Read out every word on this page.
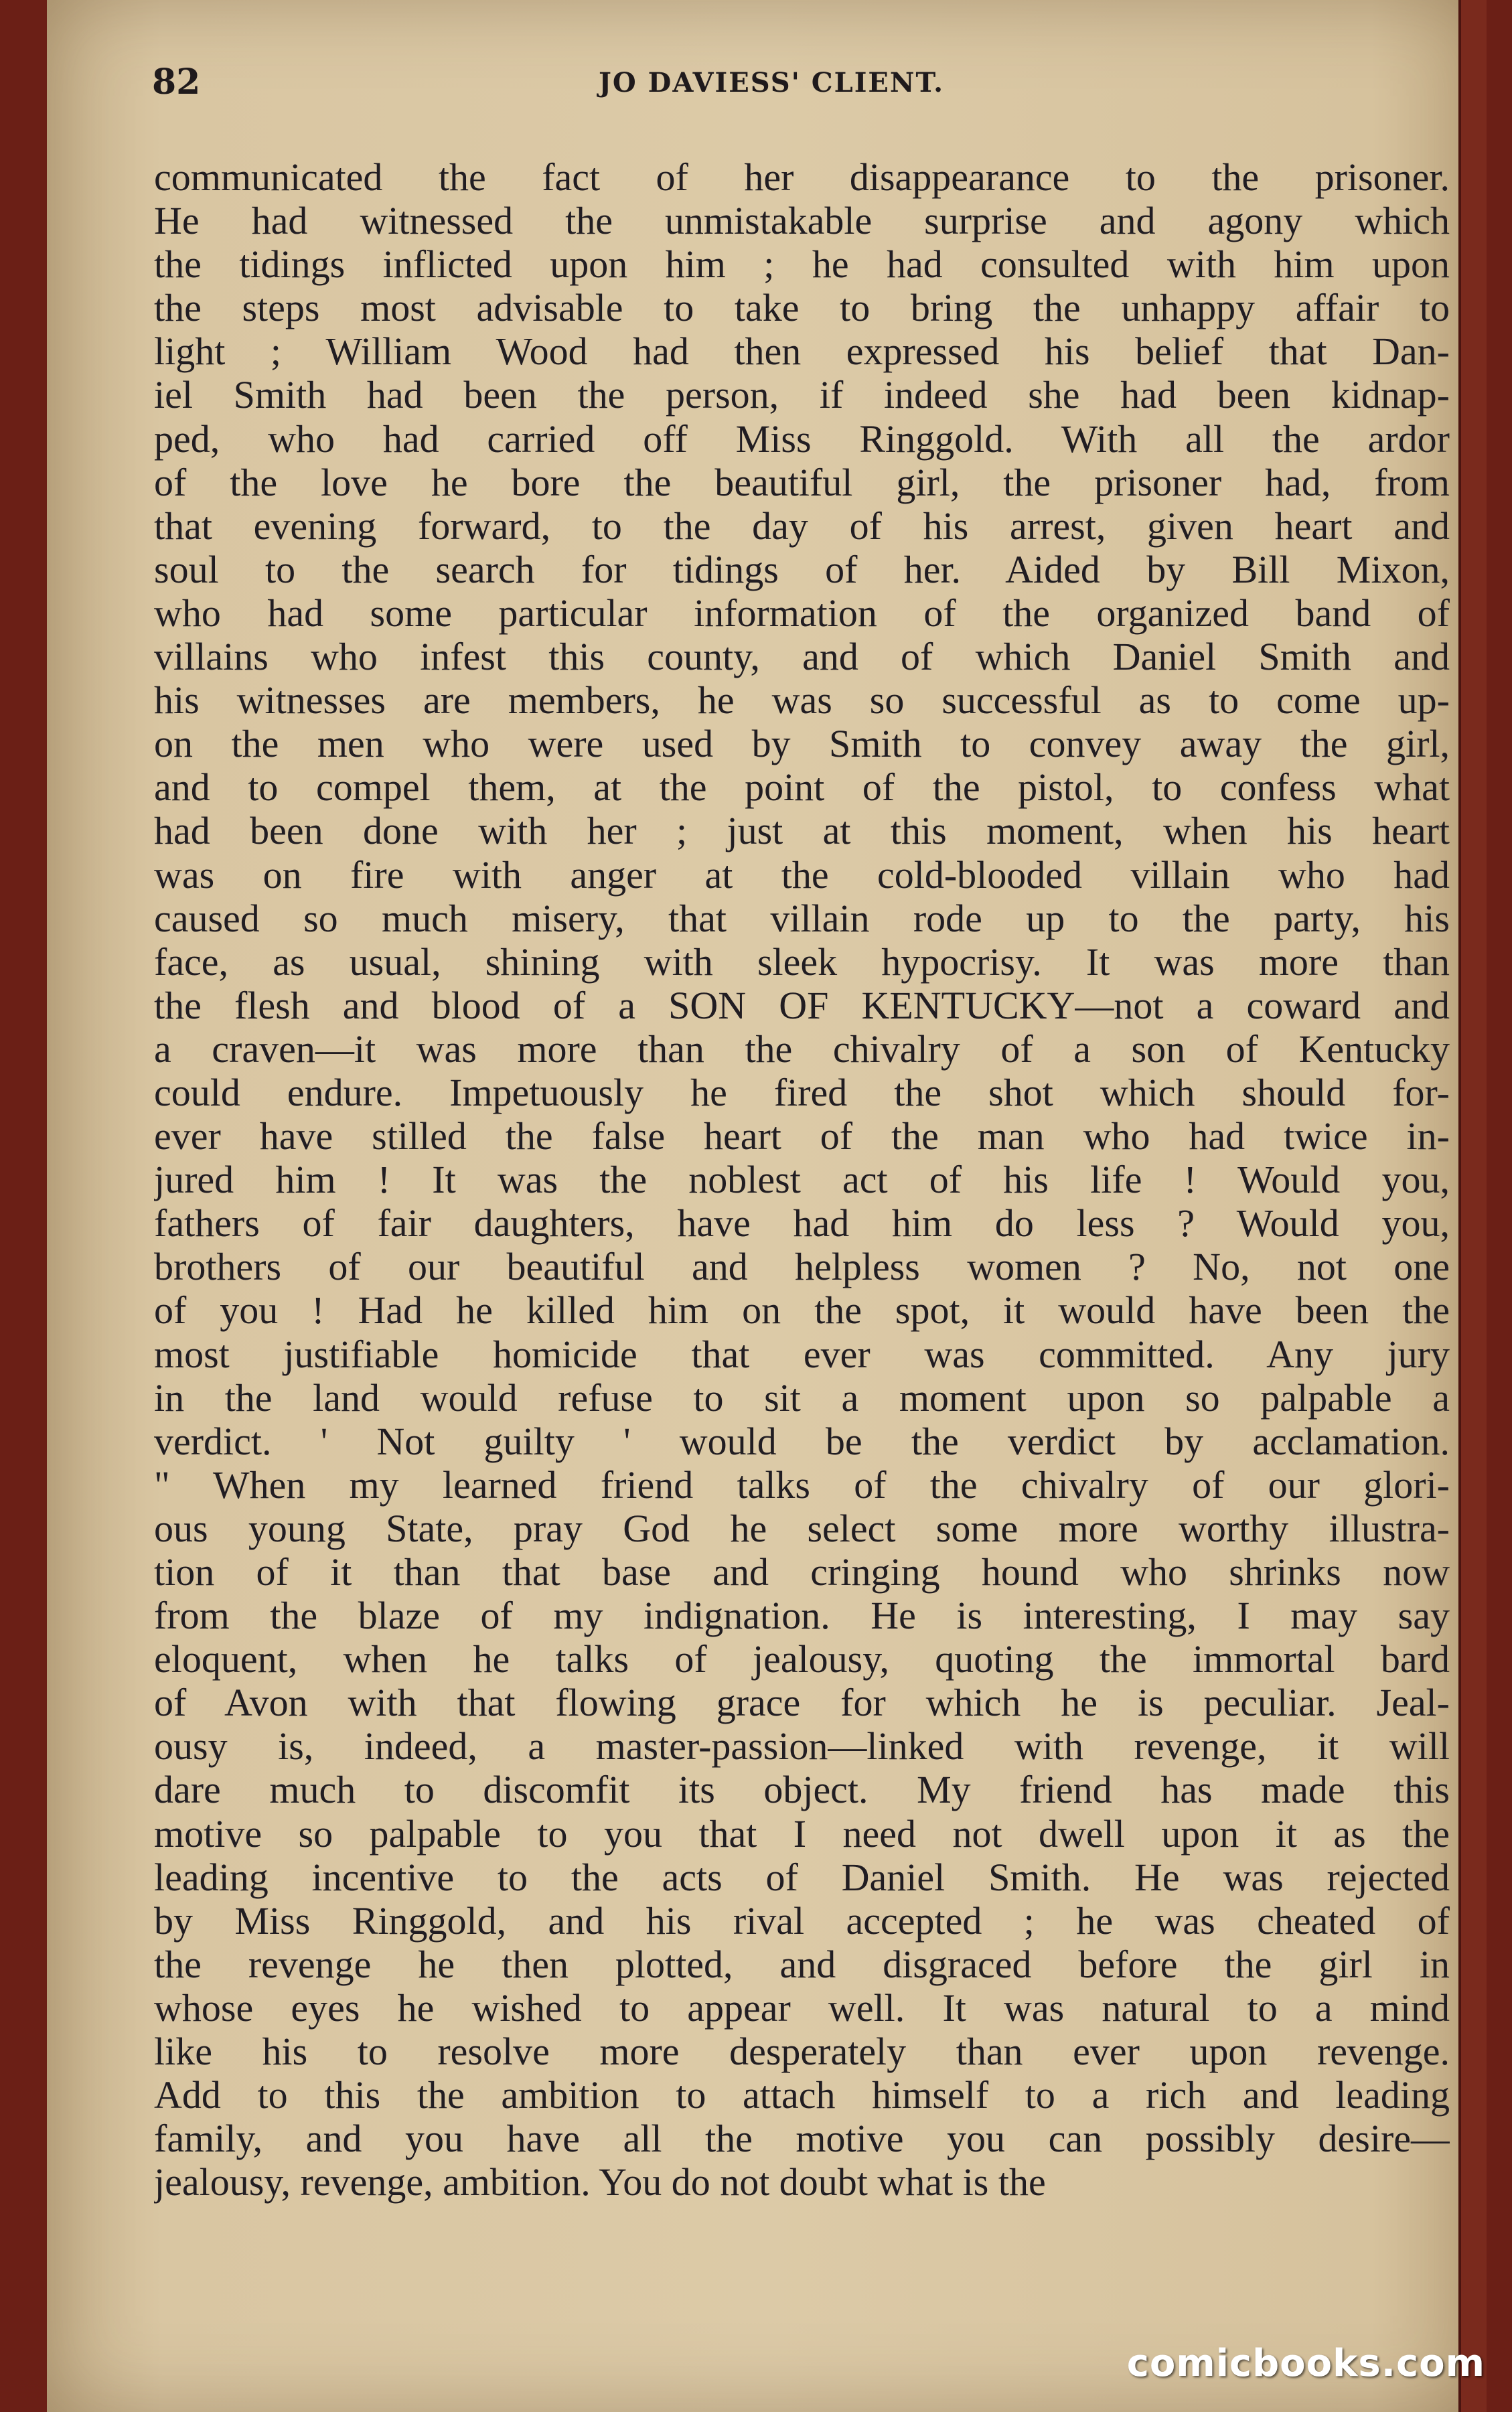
82	JO DAVIESS' CLIENT.
communicated the fact of her disappearance to the prisoner.
He had witnessed the unmistakable surprise and agony which
the tidings inflicted upon him ; he had consulted with him upon
the steps most advisable to take to bring the unhappy affair to
light ; William Wood had then expressed his belief that Dan-
iel Smith had been the person, if indeed she had been kidnap-
ped, who had carried off Miss Ringgold. With all the ardor
of the love he bore the beautiful girl, the prisoner had, from
that evening forward, to the day of his arrest, given heart and
soul to the search for tidings of her. Aided by Bill Mixon,
who had some particular information of the organized band of
villains who infest this county, and of which Daniel Smith and
his witnesses are members, he was so successful as to come up-
on the men who were used by Smith to convey away the girl,
and to compel them, at the point of the pistol, to confess what
had been done with her ; just at this moment, when his heart
was on fire with anger at the cold-blooded villain who had
caused so much misery, that villain rode up to the party, his
face, as usual, shining with sleek hypocrisy. It was more than
the flesh and blood of a SON OF KENTUCKY—not a coward and
a craven—it was more than the chivalry of a son of Kentucky
could endure. Impetuously he fired the shot which should for-
ever have stilled the false heart of the man who had twice in-
jured him ! It was the noblest act of his life ! Would you,
fathers of fair daughters, have had him do less ? Would you,
brothers of our beautiful and helpless women ? No, not one
of you ! Had he killed him on the spot, it would have been the
most justifiable homicide that ever was committed. Any jury
in the land would refuse to sit a moment upon so palpable a
verdict. ' Not guilty ' would be the verdict by acclamation.
" When my learned friend talks of the chivalry of our glori-
ous young State, pray God he select some more worthy illustra-
tion of it than that base and cringing hound who shrinks now
from the blaze of my indignation. He is interesting, I may say
eloquent, when he talks of jealousy, quoting the immortal bard
of Avon with that flowing grace for which he is peculiar. Jeal-
ousy is, indeed, a master-passion—linked with revenge, it will
dare much to discomfit its object. My friend has made this
motive so palpable to you that I need not dwell upon it as the
leading incentive to the acts of Daniel Smith. He was rejected
by Miss Ringgold, and his rival accepted ; he was cheated of
the revenge he then plotted, and disgraced before the girl in
whose eyes he wished to appear well. It was natural to a mind
like his to resolve more desperately than ever upon revenge.
Add to this the ambition to attach himself to a rich and leading
family, and you have all the motive you can possibly desire—
jealousy, revenge, ambition. You do not doubt what is the
comicbooks.com
